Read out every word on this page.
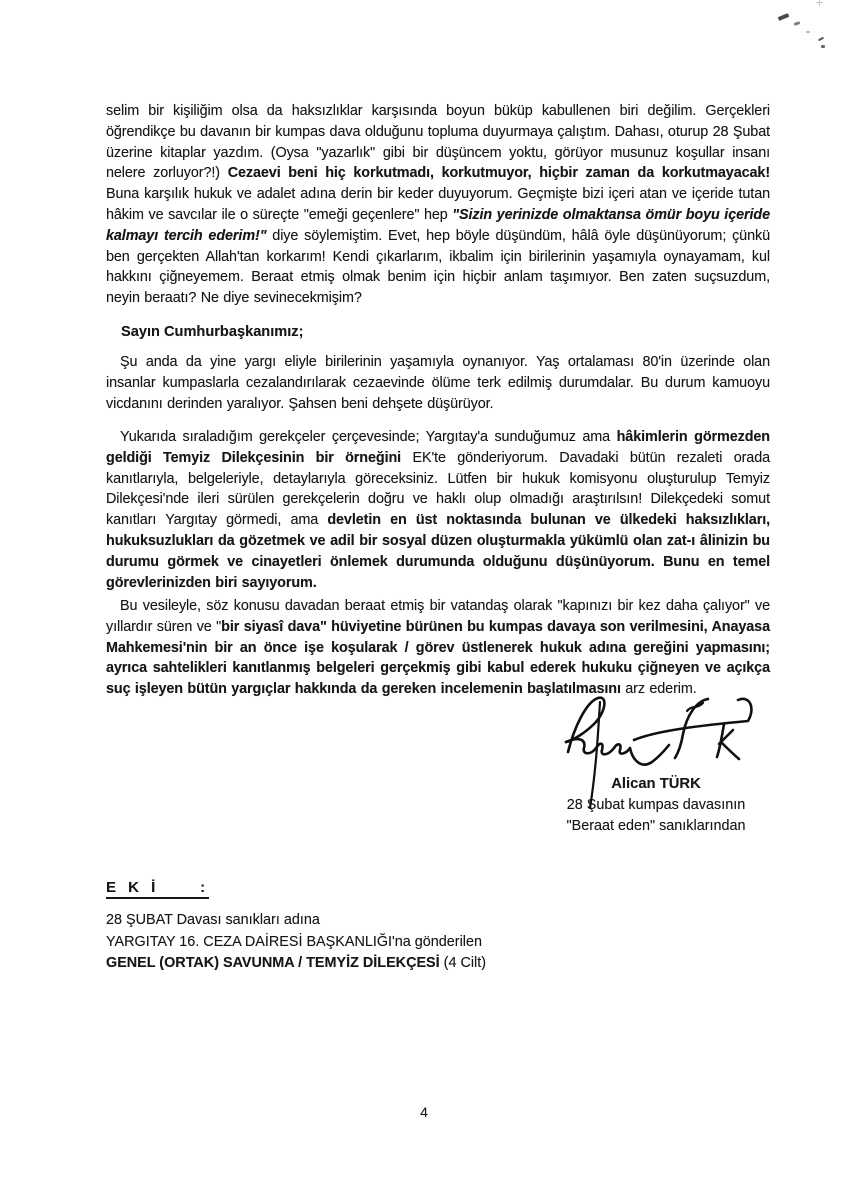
selim bir kişiliğim olsa da haksızlıklar karşısında boyun büküp kabullenen biri değilim. Gerçekleri öğrendikçe bu davanın bir kumpas dava olduğunu topluma duyurmaya çalıştım. Dahası, oturup 28 Şubat üzerine kitaplar yazdım. (Oysa "yazarlık" gibi bir düşüncem yoktu, görüyor musunuz koşullar insanı nelere zorluyor?!) Cezaevi beni hiç korkutmadı, korkutmuyor, hiçbir zaman da korkutmayacak! Buna karşılık hukuk ve adalet adına derin bir keder duyuyorum. Geçmişte bizi içeri atan ve içeride tutan hâkim ve savcılar ile o süreçte "emeği geçenlere" hep "Sizin yerinizde olmaktansa ömür boyu içeride kalmayı tercih ederim!" diye söylemiştim. Evet, hep böyle düşündüm, hâlâ öyle düşünüyorum; çünkü ben gerçekten Allah'tan korkarım! Kendi çıkarlarım, ikbalim için birilerinin yaşamıyla oynayamam, kul hakkını çiğneyemem. Beraat etmiş olmak benim için hiçbir anlam taşımıyor. Ben zaten suçsuzdum, neyin beraatı? Ne diye sevinecekmişim?

Sayın Cumhurbaşkanımız;

Şu anda da yine yargı eliyle birilerinin yaşamıyla oynanıyor. Yaş ortalaması 80'in üzerinde olan insanlar kumpaslarla cezalandırılarak cezaevinde ölüme terk edilmiş durumdalar. Bu durum kamuoyu vicdanını derinden yaralıyor. Şahsen beni dehşete düşürüyor.

Yukarıda sıraladığım gerekçeler çerçevesinde; Yargıtay'a sunduğumuz ama hâkimlerin görmezden geldiği Temyiz Dilekçesinin bir örneğini EK'te gönderiyorum. Davadaki bütün rezaleti orada kanıtlarıyla, belgeleriyle, detaylarıyla göreceksiniz. Lütfen bir hukuk komisyonu oluşturulup Temyiz Dilekçesi'nde ileri sürülen gerekçelerin doğru ve haklı olup olmadığı araştırılsın! Dilekçedeki somut kanıtları Yargıtay görmedi, ama devletin en üst noktasında bulunan ve ülkedeki haksızlıkları, hukuksuzlukları da gözetmek ve adil bir sosyal düzen oluşturmakla yükümlü olan zat-ı âlinizin bu durumu görmek ve cinayetleri önlemek durumunda olduğunu düşünüyorum. Bunu en temel görevlerinizden biri sayıyorum.

Bu vesileyle, söz konusu davadan beraat etmiş bir vatandaş olarak "kapınızı bir kez daha çalıyor" ve yıllardır süren ve "bir siyasî dava" hüviyetine bürünen bu kumpas davaya son verilmesini, Anayasa Mahkemesi'nin bir an önce işe koşularak / görev üstlenerek hukuk adına gereğini yapmasını; ayrıca sahtelikleri kanıtlanmış belgeleri gerçekmiş gibi kabul ederek hukuku çiğneyen ve açıkça suç işleyen bütün yargıçlar hakkında da gereken incelemenin başlatılmasını arz ederim.

Alican TÜRK
28 Şubat kumpas davasının
"Beraat eden" sanıklarından
E K İ     :
28 ŞUBAT Davası sanıkları adına
YARGITAY 16. CEZA DAİRESİ BAŞKANLIĞI'na gönderilen
GENEL (ORTAK) SAVUNMA / TEMYİZ DİLEKÇESİ (4 Cilt)
4
